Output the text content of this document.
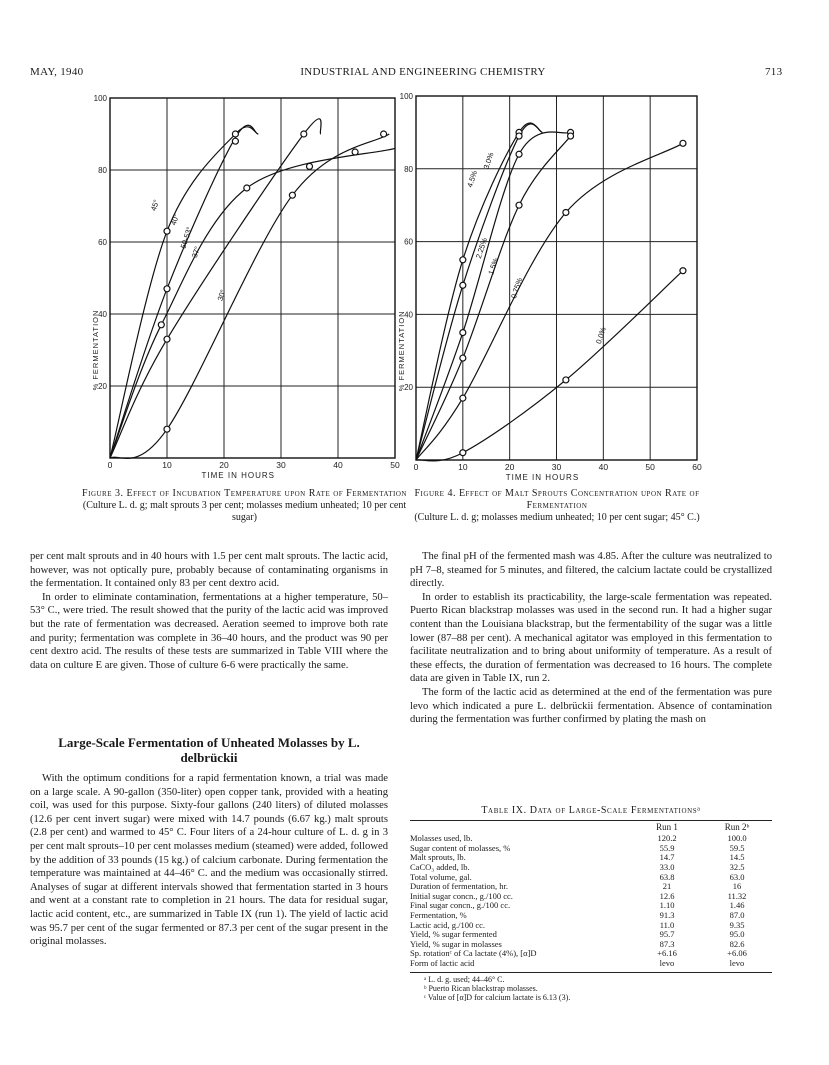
MAY, 1940	INDUSTRIAL AND ENGINEERING CHEMISTRY	713
20
40
60
80
100
0	10	20	30	40	50
TIME IN HOURS
% FERMENTATION
45°
40°
50-53°
37°
30°
Figure 3. Effect of Incubation Temperature upon Rate of Fermentation
(Culture L. d. g; malt sprouts 3 per cent; molasses medium unheated; 10 per cent sugar)
20
40
60
80
100
0	10	20	30	40	50	60
TIME IN HOURS
% FERMENTATION
3.0%
4.5%
2.25%
1.5%
0.75%
0.0%
Figure 4. Effect of Malt Sprouts Concentration upon Rate of Fermentation
(Culture L. d. g; molasses medium unheated; 10 per cent sugar; 45° C.)

per cent malt sprouts and in 40 hours with 1.5 per cent malt sprouts. The lactic acid, however, was not optically pure, probably because of contaminating organisms in the fermentation. It contained only 83 per cent dextro acid.

In order to eliminate contamination, fermentations at a higher temperature, 50–53° C., were tried. The result showed that the purity of the lactic acid was improved but the rate of fermentation was decreased. Aeration seemed to improve both rate and purity; fermentation was complete in 36–40 hours, and the product was 90 per cent dextro acid. The results of these tests are summarized in Table VIII where the data on culture E are given. Those of culture 6-6 were practically the same.

Large-Scale Fermentation of Unheated Molasses by L. delbrückii

With the optimum conditions for a rapid fermentation known, a trial was made on a large scale. A 90-gallon (350-liter) open copper tank, provided with a heating coil, was used for this purpose. Sixty-four gallons (240 liters) of diluted molasses (12.6 per cent invert sugar) were mixed with 14.7 pounds (6.67 kg.) malt sprouts (2.8 per cent) and warmed to 45° C. Four liters of a 24-hour culture of L. d. g in 3 per cent malt sprouts–10 per cent molasses medium (steamed) were added, followed by the addition of 33 pounds (15 kg.) of calcium carbonate. During fermentation the temperature was maintained at 44–46° C. and the medium was occasionally stirred. Analyses of sugar at different intervals showed that fermentation started in 3 hours and went at a constant rate to completion in 21 hours. The data for residual sugar, lactic acid content, etc., are summarized in Table IX (run 1). The yield of lactic acid was 95.7 per cent of the sugar fermented or 87.3 per cent of the sugar present in the original molasses.

The final pH of the fermented mash was 4.85. After the culture was neutralized to pH 7–8, steamed for 5 minutes, and filtered, the calcium lactate could be crystallized directly.

In order to establish its practicability, the large-scale fermentation was repeated. Puerto Rican blackstrap molasses was used in the second run. It had a higher sugar content than the Louisiana blackstrap, but the fermentability of the sugar was a little lower (87–88 per cent). A mechanical agitator was employed in this fermentation to facilitate neutralization and to bring about uniformity of temperature. As a result of these effects, the duration of fermentation was decreased to 16 hours. The complete data are given in Table IX, run 2.

The form of the lactic acid as determined at the end of the fermentation was pure levo which indicated a pure L. delbrückii fermentation. Absence of contamination during the fermentation was further confirmed by plating the mash on

Table IX. Data of Large-Scale Fermentationsᵃ
	Run 1	Run 2ᵇ
Molasses used, lb.	120.2	100.0
Sugar content of molasses, %	55.9	59.5
Malt sprouts, lb.	14.7	14.5
CaCO₃ added, lb.	33.0	32.5
Total volume, gal.	63.8	63.0
Duration of fermentation, hr.	21	16
Initial sugar concn., g./100 cc.	12.6	11.32
Final sugar concn., g./100 cc.	1.10	1.46
Fermentation, %	91.3	87.0
Lactic acid, g./100 cc.	11.0	9.35
Yield, % sugar fermented	95.7	95.0
Yield, % sugar in molasses	87.3	82.6
Sp. rotationᶜ of Ca lactate (4%), [α]D	+6.16	+6.06
Form of lactic acid	levo	levo
ᵃ L. d. g. used; 44–46° C.
ᵇ Puerto Rican blackstrap molasses.
ᶜ Value of [α]D for calcium lactate is 6.13 (3).
